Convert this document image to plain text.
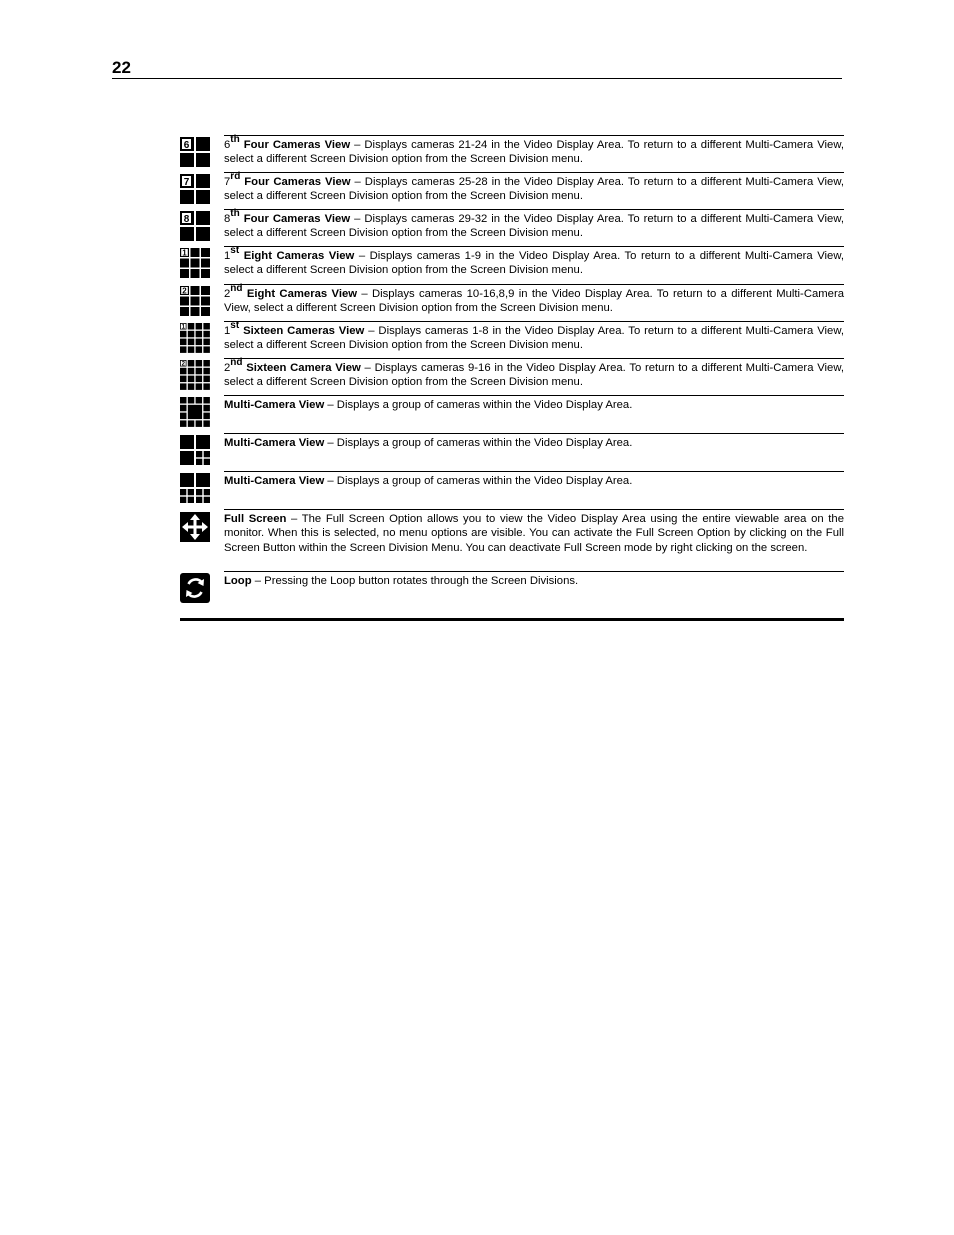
22
6	6th Four Cameras View – Displays cameras 21-24 in the Video Display Area. To return to a different Multi-Camera View, select a different Screen Division option from the Screen Division menu.
7	7rd Four Cameras View – Displays cameras 25-28 in the Video Display Area. To return to a different Multi-Camera View, select a different Screen Division option from the Screen Division menu.
8	8th Four Cameras View – Displays cameras 29-32 in the Video Display Area. To return to a different Multi-Camera View, select a different Screen Division option from the Screen Division menu.
1	1st Eight Cameras View – Displays cameras 1-9 in the Video Display Area. To return to a different Multi-Camera View, select a different Screen Division option from the Screen Division menu.
2	2nd Eight Cameras View – Displays cameras 10-16,8,9 in the Video Display Area. To return to a different Multi-Camera View, select a different Screen Division option from the Screen Division menu.
1	1st Sixteen Cameras View – Displays cameras 1-8 in the Video Display Area. To return to a different Multi-Camera View, select a different Screen Division option from the Screen Division menu.
2	2nd Sixteen Camera View – Displays cameras 9-16 in the Video Display Area. To return to a different Multi-Camera View, select a different Screen Division option from the Screen Division menu.
Multi-Camera View – Displays a group of cameras within the Video Display Area.
Multi-Camera View – Displays a group of cameras within the Video Display Area.
Multi-Camera View – Displays a group of cameras within the Video Display Area.
Full Screen – The Full Screen Option allows you to view the Video Display Area using the entire viewable area on the monitor. When this is selected, no menu options are visible. You can activate the Full Screen Option by clicking on the Full Screen Button within the Screen Division Menu. You can deactivate Full Screen mode by right clicking on the screen.
Loop – Pressing the Loop button rotates through the Screen Divisions.
